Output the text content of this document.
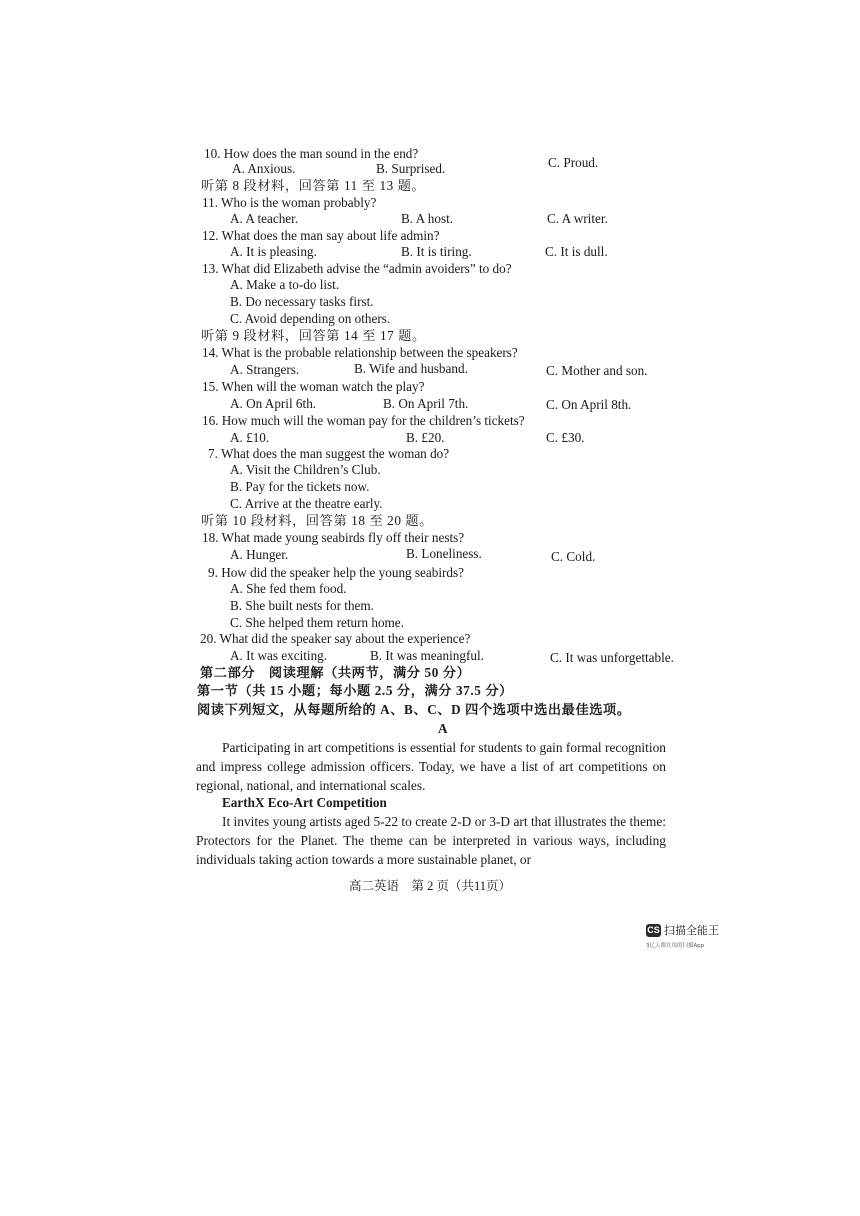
10. How does the man sound in the end?
A. Anxious.	B. Surprised.	C. Proud.
听第 8 段材料，回答第 11 至 13 题。
11. Who is the woman probably?
A. A teacher.	B. A host.	C. A writer.
12. What does the man say about life admin?
A. It is pleasing.	B. It is tiring.	C. It is dull.
13. What did Elizabeth advise the “admin avoiders” to do?
A. Make a to-do list.
B. Do necessary tasks first.
C. Avoid depending on others.
听第 9 段材料，回答第 14 至 17 题。
14. What is the probable relationship between the speakers?
A. Strangers.	B. Wife and husband.	C. Mother and son.
15. When will the woman watch the play?
A. On April 6th.	B. On April 7th.	C. On April 8th.
16. How much will the woman pay for the children’s tickets?
A. £10.	B. £20.	C. £30.
7. What does the man suggest the woman do?
A. Visit the Children’s Club.
B. Pay for the tickets now.
C. Arrive at the theatre early.
听第 10 段材料，回答第 18 至 20 题。
18. What made young seabirds fly off their nests?
A. Hunger.	B. Loneliness.	C. Cold.
9. How did the speaker help the young seabirds?
A. She fed them food.
B. She built nests for them.
C. She helped them return home.
20. What did the speaker say about the experience?
A. It was exciting.	B. It was meaningful.	C. It was unforgettable.
第二部分　阅读理解（共两节，满分 50 分）
第一节（共 15 小题；每小题 2.5 分，满分 37.5 分）
阅读下列短文，从每题所给的 A、B、C、D 四个选项中选出最佳选项。
A
EarthX Eco-Art Competition
Participating in art competitions is essential for students to gain formal recognition and impress college admission officers. Today, we have a list of art competitions on regional, national, and international scales.
It invites young artists aged 5-22 to create 2-D or 3-D art that illustrates the theme: Protectors for the Planet. The theme can be interpreted in various ways, including individuals taking action towards a more sustainable planet, or
高二英语　第 2 页（共11页）
CS 扫描全能王
3亿人都在用的扫描App
